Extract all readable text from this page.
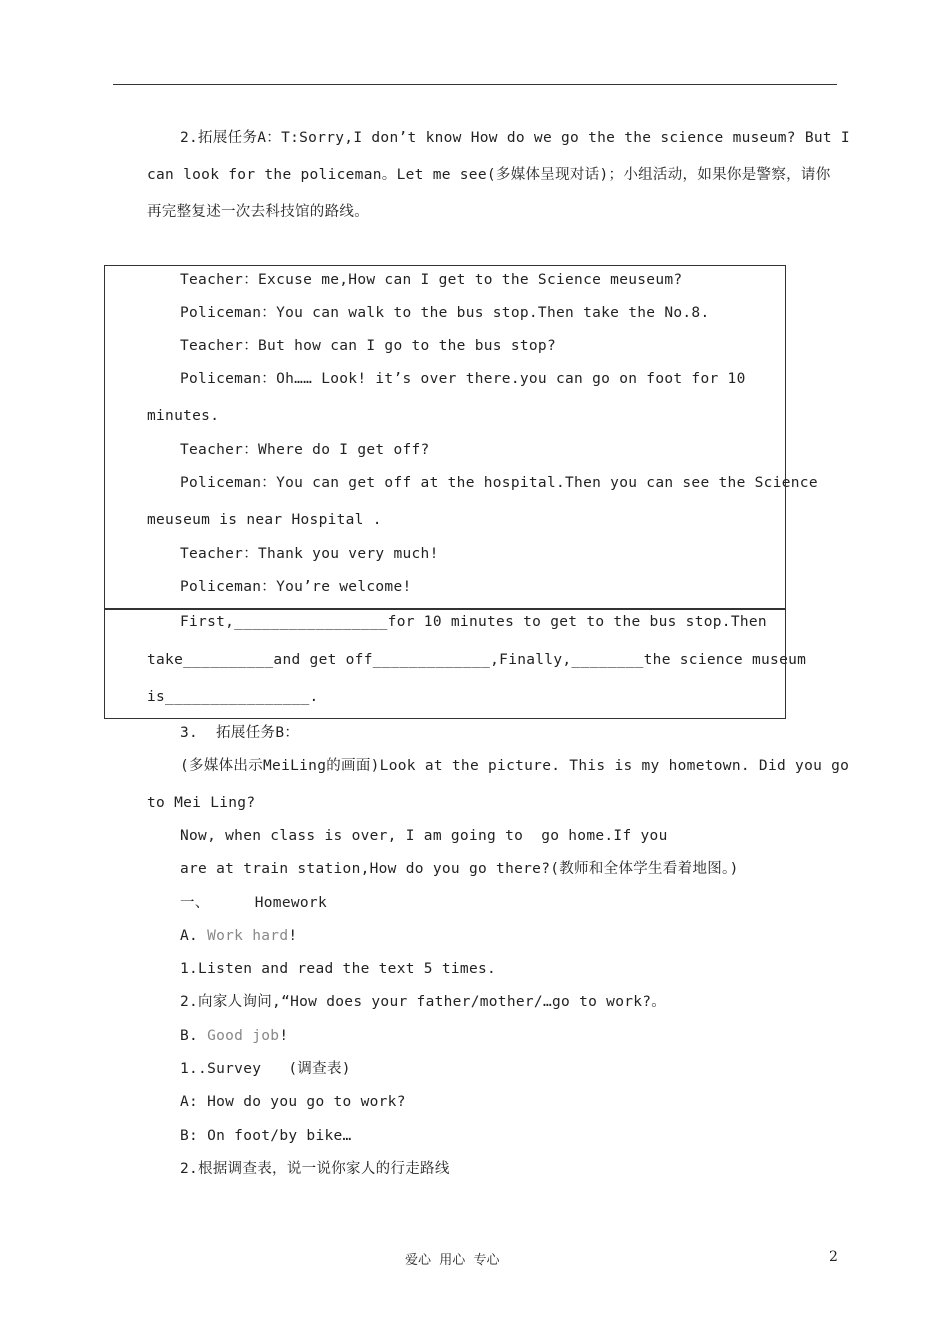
2.拓展任务A：T:Sorry,I don’t know How do we go the the science museum? But I
can look for the policeman。Let me see(多媒体呈现对话)；小组活动，如果你是警察，请你
再完整复述一次去科技馆的路线。
Teacher：Excuse me,How can I get to the Science meuseum?
Policeman：You can walk to the bus stop.Then take the No.8.
Teacher：But how can I go to the bus stop?
Policeman：Oh…… Look! it’s over there.you can go on foot for 10
minutes.
Teacher：Where do I get off?
Policeman：You can get off at the hospital.Then you can see the Science
meuseum is near Hospital .
Teacher：Thank you very much!
Policeman：You’re welcome!
First,_________________for 10 minutes to get to the bus stop.Then
take__________and get off_____________,Finally,________the science museum
is________________.
3.  拓展任务B：
(多媒体出示MeiLing的画面)Look at the picture. This is my hometown. Did you go
to Mei Ling?
Now, when class is over, I am going to  go home.If you
are at train station,How do you go there?(教师和全体学生看着地图。)
一、     Homework
A. Work hard!
1.Listen and read the text 5 times.
2.向家人询问,“How does your father/mother/…go to work?。
B. Good job!
1..Survey   (调查表)
A: How do you go to work?
B: On foot/by bike…
2.根据调查表，说一说你家人的行走路线
爱心  用心  专心	2
